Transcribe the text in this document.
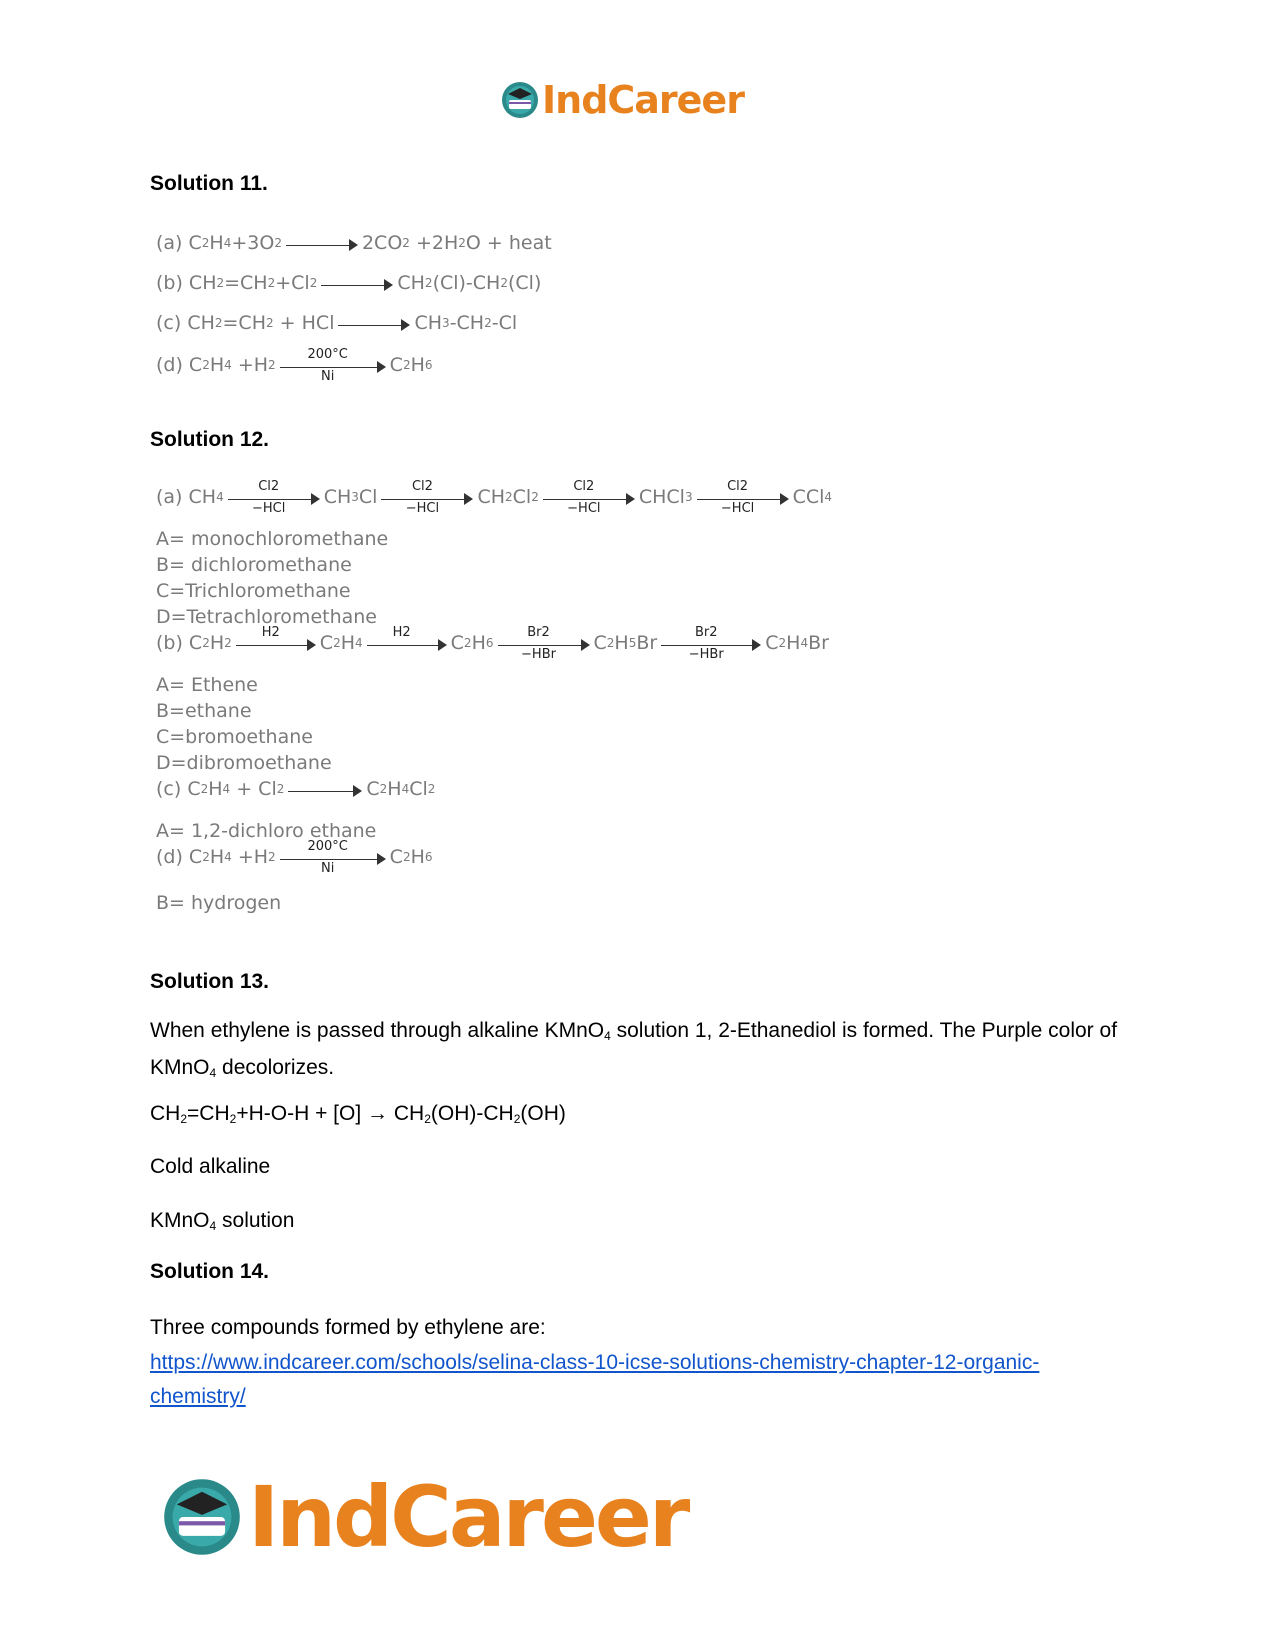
IndCareer
Solution 11.
(a) C 2 H 4 +3O 2	2CO 2 +2H 2 O + heat
(b) CH 2 =CH 2 +Cl 2	CH 2 (Cl)-CH 2 (Cl)
(c) CH 2 =CH 2 + HCl	CH 3 -CH 2 -Cl
(d) C 2 H 4 +H 2
200°C
Ni
C 2 H 6
Solution 12.
(a) CH 4
Cl2
−HCl
CH 3 Cl	Cl2
−HCl
CH 2 Cl 2
Cl2
−HCl
CHCl 3
Cl2
−HCl
CCl 4
A= monochloromethane
B= dichloromethane
C=Trichloromethane
D=Tetrachloromethane
(b) C 2 H 2
H2	C 2 H 4
H2	C 2 H 6
Br2
−HBr
C 2 H 5 Br	Br2
−HBr
C 2 H 4 Br
A= Ethene
B=ethane
C=bromoethane
D=dibromoethane
(c) C 2 H 4 + Cl 2	C 2 H 4 Cl 2
A= 1,2-dichloro ethane
(d) C 2 H 4 +H 2
200°C
Ni
C 2 H 6
B= hydrogen
Solution 13.
When ethylene is passed through alkaline KMnO$_4$ solution 1, 2-Ethanediol is formed. The Purple color of KMnO$_4$ decolorizes.
$CH_2=CH_2+H-O-H + [O] \to CH_2(OH)-CH_2(OH)$
Cold alkaline
KMnO$_4$ solution
Solution 14.
Three compounds formed by ethylene are:
https://www.indcareer.com/schools/selina-class-10-icse-solutions-chemistry-chapter-12-organic-chemistry/
IndCareer
